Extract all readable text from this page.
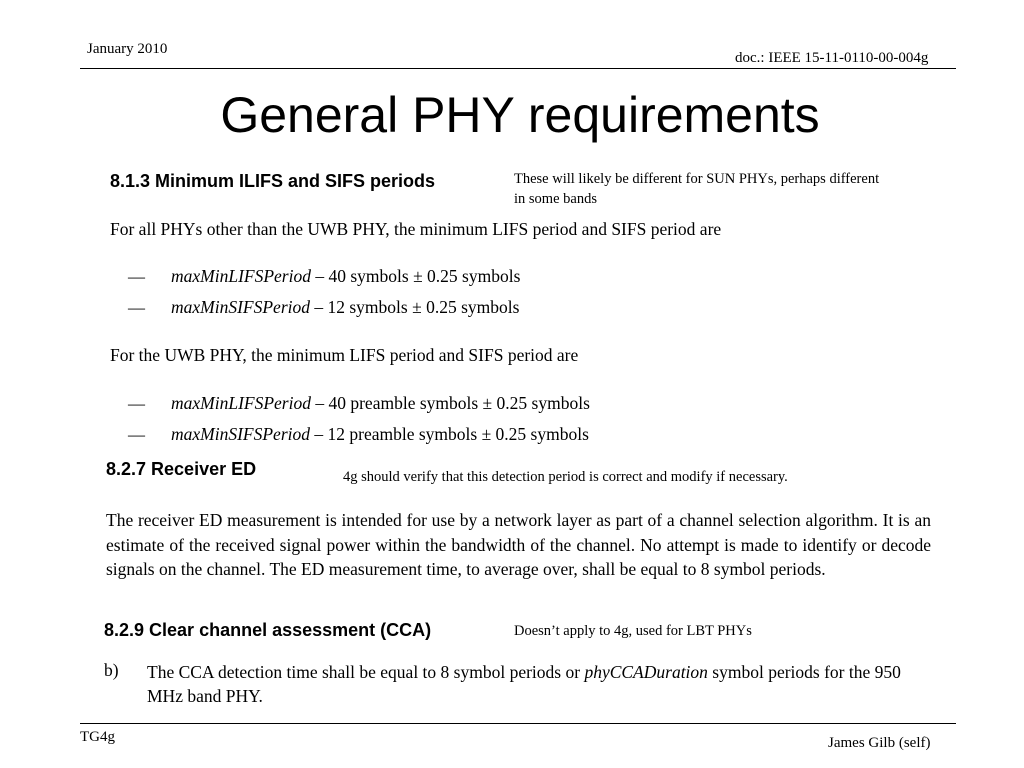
January 2010
doc.: IEEE 15-11-0110-00-004g
General PHY requirements
8.1.3 Minimum ILIFS and SIFS periods	These will likely be different for SUN PHYs, perhaps different
in some bands
For all PHYs other than the UWB PHY, the minimum LIFS period and SIFS period are
— maxMinLIFSPeriod – 40 symbols ± 0.25 symbols
— maxMinSIFSPeriod – 12 symbols ± 0.25 symbols
For the UWB PHY, the minimum LIFS period and SIFS period are
— maxMinLIFSPeriod – 40 preamble symbols ± 0.25 symbols
— maxMinSIFSPeriod – 12 preamble symbols ± 0.25 symbols
8.2.7 Receiver ED	4g should verify that this detection period is correct and modify if necessary.
The receiver ED measurement is intended for use by a network layer as part of a channel selection algorithm. It is an estimate of the received signal power within the bandwidth of the channel. No attempt is made to identify or decode signals on the channel. The ED measurement time, to average over, shall be equal to 8 symbol periods.
8.2.9 Clear channel assessment (CCA)	Doesn’t apply to 4g, used for LBT PHYs
b) The CCA detection time shall be equal to 8 symbol periods or phyCCADuration symbol periods for the 950 MHz band PHY.
TG4g	James Gilb (self)
